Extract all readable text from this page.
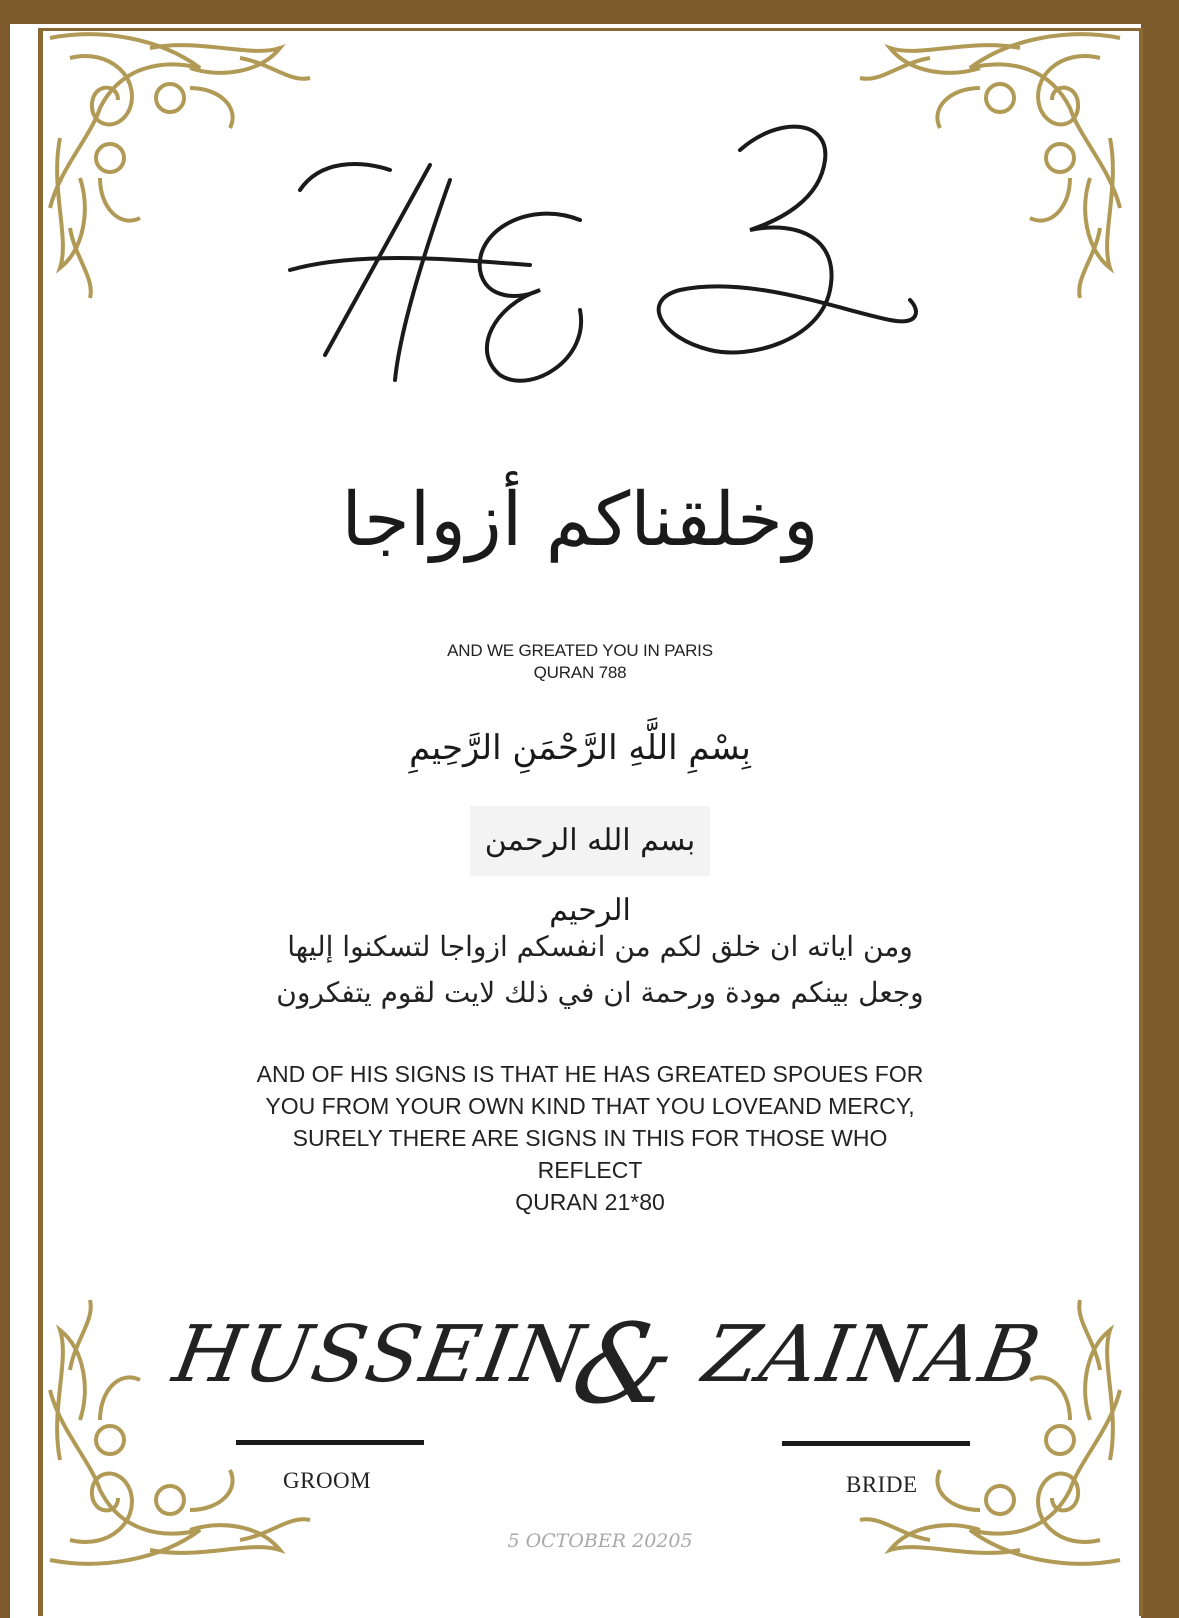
وخلقناكم أزواجا
AND WE GREATED YOU IN PARIS
QURAN 788
بِسْمِ اللَّهِ الرَّحْمَنِ الرَّحِيمِ
بسم الله الرحمن الرحيم
ومن اياته ان خلق لكم من انفسكم ازواجا لتسكنوا إليها
وجعل بينكم مودة ورحمة ان في ذلك لايت لقوم يتفكرون
AND OF HIS SIGNS IS THAT HE HAS GREATED SPOUES FOR
YOU FROM YOUR OWN KIND THAT YOU LOVEAND MERCY,
SURELY THERE ARE SIGNS IN THIS FOR THOSE WHO REFLECT
QURAN 21*80
HUSSEIN
& ZAINAB
GROOM	BRIDE
5 OCTOBER 20205
